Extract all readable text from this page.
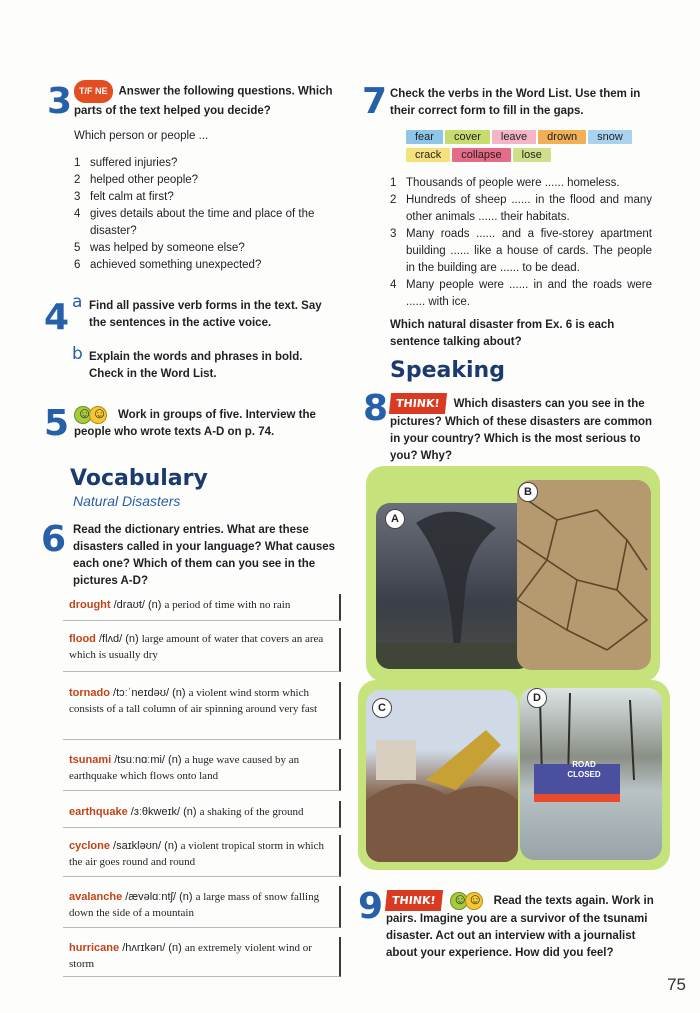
3 T/F NE Answer the following questions. Which parts of the text helped you decide?
Which person or people ...
1 suffered injuries?
2 helped other people?
3 felt calm at first?
4 gives details about the time and place of the disaster?
5 was helped by someone else?
6 achieved something unexpected?
4 a Find all passive verb forms in the text. Say the sentences in the active voice.
b Explain the words and phrases in bold. Check in the Word List.
5 ☺ ☺	Work in groups of five. Interview the people who wrote texts A-D on p. 74.
Vocabulary
Natural Disasters
6 Read the dictionary entries. What are these disasters called in your language? What causes each one? Which of them can you see in the pictures A-D?
drought /draʊt/ (n) a period of time with no rain
flood /flʌd/ (n) large amount of water that covers an area which is usually dry
tornado /tɔːˈneɪdəʊ/ (n) a violent wind storm which consists of a tall column of air spinning around very fast
tsunami /tsuːnɑːmi/ (n) a huge wave caused by an earthquake which flows onto land
earthquake /ɜːθkweɪk/ (n) a shaking of the ground
cyclone /saɪkləʊn/ (n) a violent tropical storm in which the air goes round and round
avalanche /ævəlɑːntʃ/ (n) a large mass of snow falling down the side of a mountain
hurricane /hʌrɪkən/ (n) an extremely violent wind or storm
7 Check the verbs in the Word List. Use them in their correct form to fill in the gaps.
fear	cover	leave	drown	snow
crack	collapse	lose
1 Thousands of people were ...... homeless.
2 Hundreds of sheep ...... in the flood and many other animals ...... their habitats.
3 Many roads ...... and a five-storey apartment building ...... like a house of cards. The people in the building are ...... to be dead.
4 Many people were ...... in and the roads were ...... with ice.
Which natural disaster from Ex. 6 is each sentence talking about?
Speaking
8 THINK! Which disasters can you see in the pictures? Which of these disasters are common in your country? Which is the most serious to you? Why?
ROAD CLOSED
A
B
C
D
9 THINK! ☺ ☺	Read the texts again. Work in pairs. Imagine you are a survivor of the tsunami disaster. Act out an interview with a journalist about your experience. How did you feel?
75
